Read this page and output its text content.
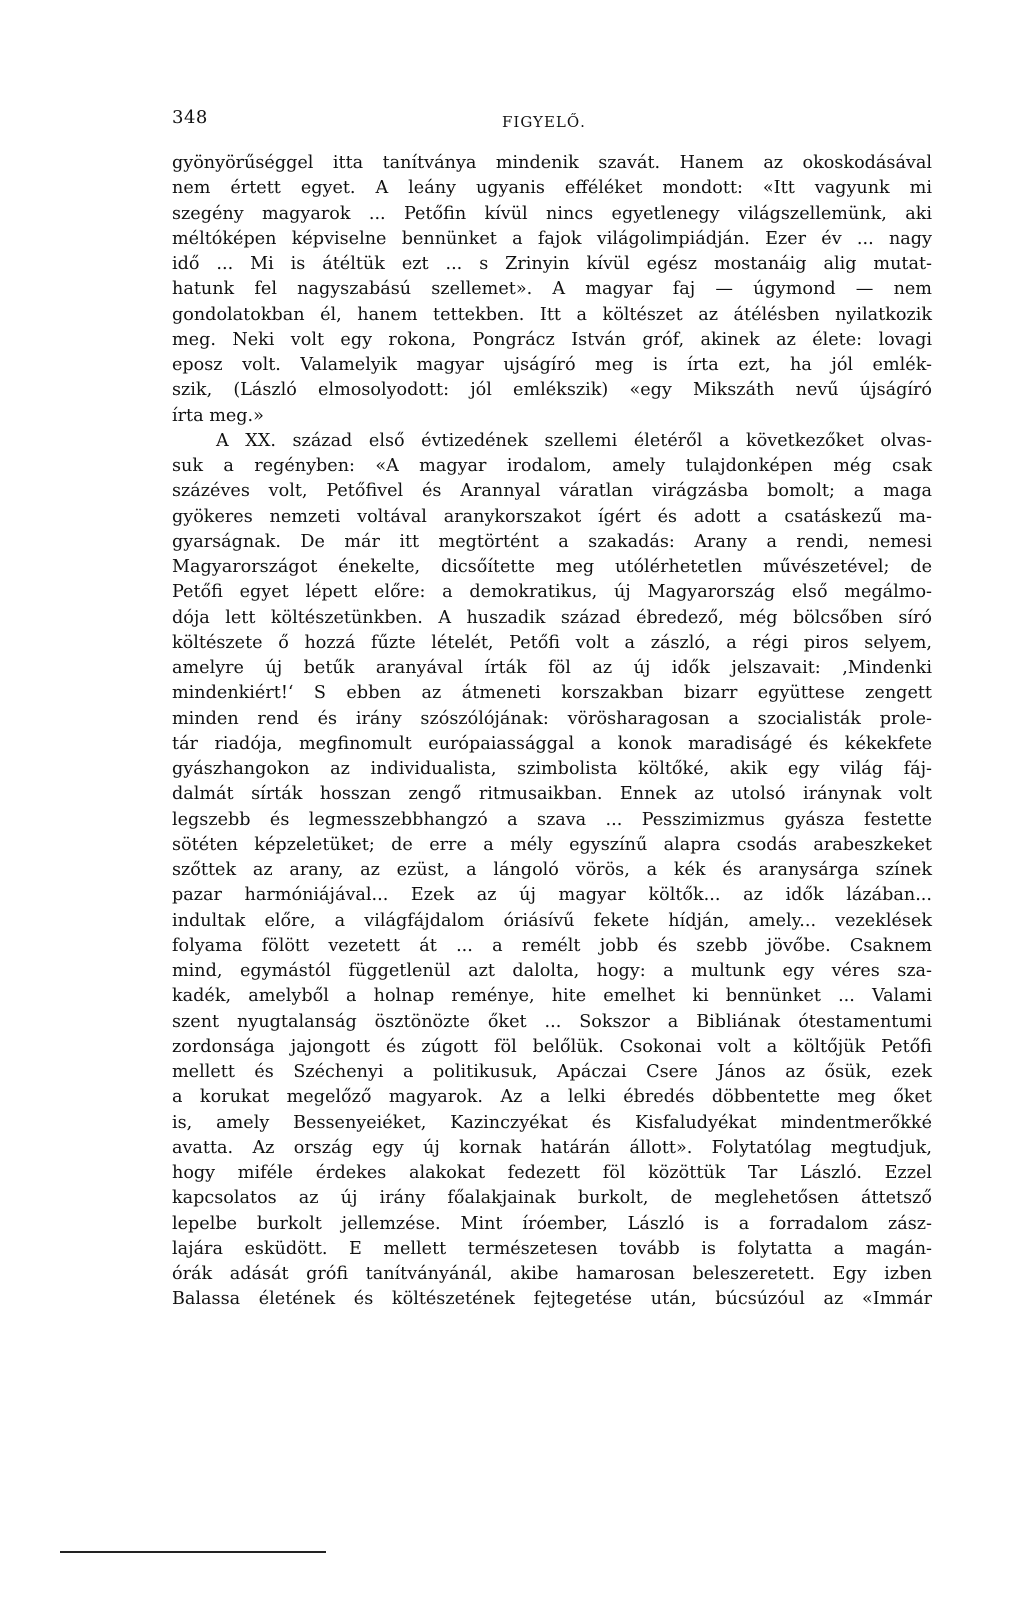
348	FIGYELŐ.
gyönyörűséggel itta tanítványa mindenik szavát. Hanem az okoskodásával
nem értett egyet. A leány ugyanis efféléket mondott: «Itt vagyunk mi
szegény magyarok ... Petőfin kívül nincs egyetlenegy világszellemünk, aki
méltóképen képviselne bennünket a fajok világolimpiádján. Ezer év ... nagy
idő ... Mi is átéltük ezt ... s Zrinyin kívül egész mostanáig alig mutat-
hatunk fel nagyszabású szellemet». A magyar faj — úgymond — nem
gondolatokban él, hanem tettekben. Itt a költészet az átélésben nyilatkozik
meg. Neki volt egy rokona, Pongrácz István gróf, akinek az élete: lovagi
eposz volt. Valamelyik magyar ujságíró meg is írta ezt, ha jól emlék-
szik, (László elmosolyodott: jól emlékszik) «egy Mikszáth nevű újságíró
írta meg.»
A XX. század első évtizedének szellemi életéről a következőket olvas-
suk a regényben: «A magyar irodalom, amely tulajdonképen még csak
százéves volt, Petőfivel és Arannyal váratlan virágzásba bomolt; a maga
gyökeres nemzeti voltával aranykorszakot ígért és adott a csatáskezű ma-
gyarságnak. De már itt megtörtént a szakadás: Arany a rendi, nemesi
Magyarországot énekelte, dicsőítette meg utólérhetetlen művészetével; de
Petőfi egyet lépett előre: a demokratikus, új Magyarország első megálmo-
dója lett költészetünkben. A huszadik század ébredező, még bölcsőben síró
költészete ő hozzá fűzte lételét, Petőfi volt a zászló, a régi piros selyem,
amelyre új betűk aranyával írták föl az új idők jelszavait: ‚Mindenki
mindenkiért!‘ S ebben az átmeneti korszakban bizarr együttese zengett
minden rend és irány szószólójának: vörösharagosan a szocialisták prole-
tár riadója, megfinomult európaiassággal a konok maradiságé és kékekfete
gyászhangokon az individualista, szimbolista költőké, akik egy világ fáj-
dalmát sírták hosszan zengő ritmusaikban. Ennek az utolsó iránynak volt
legszebb és legmesszebbhangzó a szava ... Pesszimizmus gyásza festette
sötéten képzeletüket; de erre a mély egyszínű alapra csodás arabeszkeket
szőttek az arany, az ezüst, a lángoló vörös, a kék és aranysárga színek
pazar harmóniájával... Ezek az új magyar költők... az idők lázában...
indultak előre, a világfájdalom óriásívű fekete hídján, amely... vezeklések
folyama fölött vezetett át ... a remélt jobb és szebb jövőbe. Csaknem
mind, egymástól függetlenül azt dalolta, hogy: a multunk egy véres sza-
kadék, amelyből a holnap reménye, hite emelhet ki bennünket ... Valami
szent nyugtalanság ösztönözte őket ... Sokszor a Bibliának ótestamentumi
zordonsága jajongott és zúgott föl belőlük. Csokonai volt a költőjük Petőfi
mellett és Széchenyi a politikusuk, Apáczai Csere János az ősük, ezek
a korukat megelőző magyarok. Az a lelki ébredés döbbentette meg őket
is, amely Bessenyeiéket, Kazinczyékat és Kisfaludyékat mindentmerőkké
avatta. Az ország egy új kornak határán állott». Folytatólag megtudjuk,
hogy miféle érdekes alakokat fedezett föl közöttük Tar László. Ezzel
kapcsolatos az új irány főalakjainak burkolt, de meglehetősen áttetsző
lepelbe burkolt jellemzése. Mint íróember, László is a forradalom zász-
lajára esküdött. E mellett természetesen tovább is folytatta a magán-
órák adását grófi tanítványánál, akibe hamarosan beleszeretett. Egy izben
Balassa életének és költészetének fejtegetése után, búcsúzóul az «Immár
